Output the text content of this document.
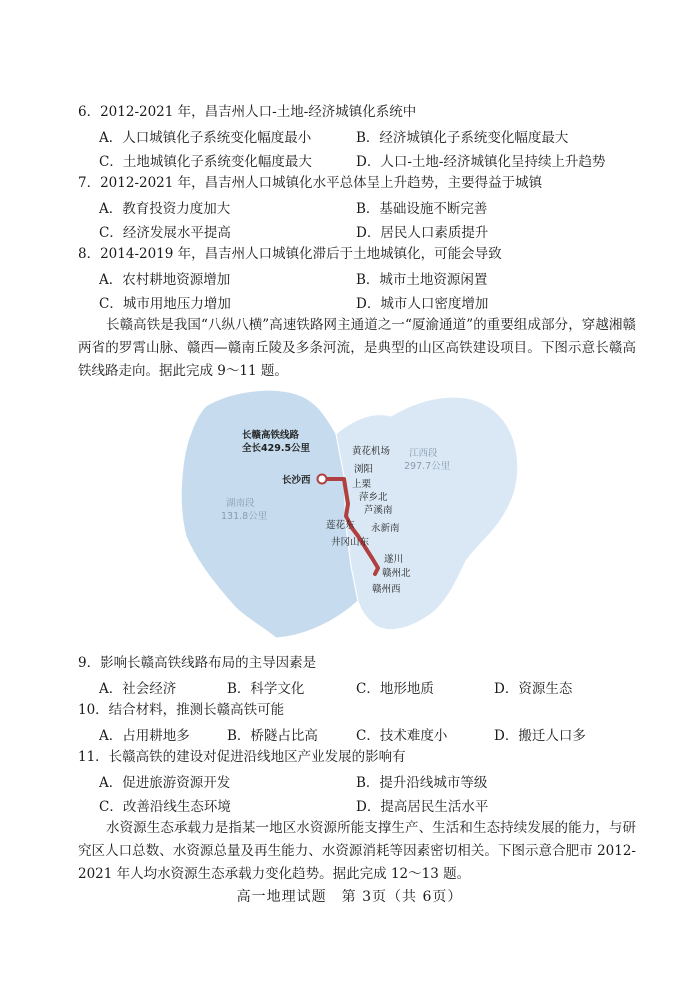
6．2012-2021 年，昌吉州人口-土地-经济城镇化系统中
A．人口城镇化子系统变化幅度最小	B．经济城镇化子系统变化幅度最大
C．土地城镇化子系统变化幅度最大	D．人口-土地-经济城镇化呈持续上升趋势
7．2012-2021 年，昌吉州人口城镇化水平总体呈上升趋势，主要得益于城镇
A．教育投资力度加大	B．基础设施不断完善
C．经济发展水平提高	D．居民人口素质提升
8．2014-2019 年，昌吉州人口城镇化滞后于土地城镇化，可能会导致
A．农村耕地资源增加	B．城市土地资源闲置
C．城市用地压力增加	D．城市人口密度增加
长赣高铁是我国“八纵八横”高速铁路网主通道之一“厦渝通道”的重要组成部分，穿越湘赣两省的罗霄山脉、赣西—赣南丘陵及多条河流，是典型的山区高铁建设项目。下图示意长赣高铁线路走向。据此完成 9～11 题。
长赣高铁线路
全长429.5公里	江西段
297.7公里
湖南段
131.8公里
黄花机场
长沙西
浏阳
上栗
萍乡北
芦溪南
莲花东 永新南
井冈山东
遂川
赣州北
赣州西
9．影响长赣高铁线路布局的主导因素是
A．社会经济	B．科学文化	C．地形地质	D．资源生态
10．结合材料，推测长赣高铁可能
A．占用耕地多	B．桥隧占比高	C．技术难度小	D．搬迁人口多
11．长赣高铁的建设对促进沿线地区产业发展的影响有
A．促进旅游资源开发	B．提升沿线城市等级
C．改善沿线生态环境	D．提高居民生活水平
水资源生态承载力是指某一地区水资源所能支撑生产、生活和生态持续发展的能力，与研究区人口总数、水资源总量及再生能力、水资源消耗等因素密切相关。下图示意合肥市 2012-2021 年人均水资源生态承载力变化趋势。据此完成 12～13 题。
高一地理试题　第 3页（共 6页）
